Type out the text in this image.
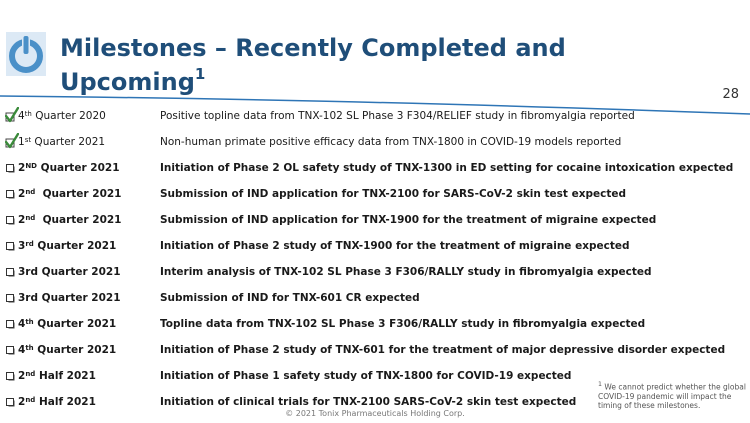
Milestones – Recently Completed and
Upcoming$^1$
28
4th Quarter 2020	Positive topline data from TNX-102 SL Phase 3 F304/RELIEF study in fibromyalgia reported
1st Quarter 2021	Non-human primate positive efficacy data from TNX-1800 in COVID-19 models reported
2ND Quarter 2021	Initiation of Phase 2 OL safety study of TNX-1300 in ED setting for cocaine intoxication expected
2nd  Quarter 2021	Submission of IND application for TNX-2100 for SARS-CoV-2 skin test expected
2nd  Quarter 2021	Submission of IND application for TNX-1900 for the treatment of migraine expected
3rd Quarter 2021	Initiation of Phase 2 study of TNX-1900 for the treatment of migraine expected
3rd Quarter 2021	Interim analysis of TNX-102 SL Phase 3 F306/RALLY study in fibromyalgia expected
3rd Quarter 2021	Submission of IND for TNX-601 CR expected
4th Quarter 2021	Topline data from TNX-102 SL Phase 3 F306/RALLY study in fibromyalgia expected
4th Quarter 2021	Initiation of Phase 2 study of TNX-601 for the treatment of major depressive disorder expected
2nd Half 2021	Initiation of Phase 1 safety study of TNX-1800 for COVID-19 expected
2nd Half 2021	Initiation of clinical trials for TNX-2100 SARS-CoV-2 skin test expected
$^1$ We cannot predict whether the global COVID-19 pandemic will impact the timing of these milestones.
© 2021 Tonix Pharmaceuticals Holding Corp.
